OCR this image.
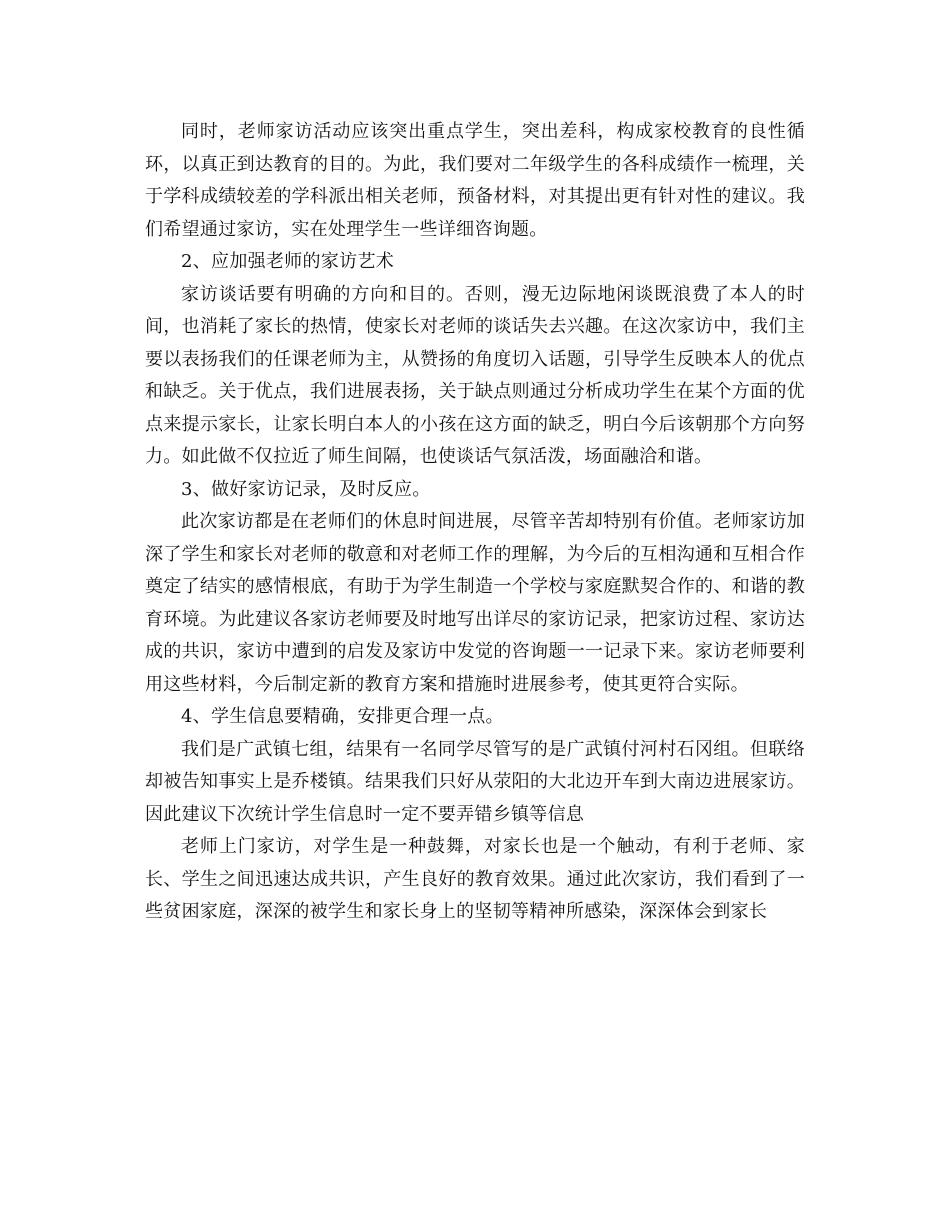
同时，老师家访活动应该突出重点学生，突出差科，构成家校教育的良性循环，以真正到达教育的目的。为此，我们要对二年级学生的各科成绩作一梳理，关于学科成绩较差的学科派出相关老师，预备材料，对其提出更有针对性的建议。我们希望通过家访，实在处理学生一些详细咨询题。

2、应加强老师的家访艺术

家访谈话要有明确的方向和目的。否则，漫无边际地闲谈既浪费了本人的时间，也消耗了家长的热情，使家长对老师的谈话失去兴趣。在这次家访中，我们主要以表扬我们的任课老师为主，从赞扬的角度切入话题，引导学生反映本人的优点和缺乏。关于优点，我们进展表扬，关于缺点则通过分析成功学生在某个方面的优点来提示家长，让家长明白本人的小孩在这方面的缺乏，明白今后该朝那个方向努力。如此做不仅拉近了师生间隔，也使谈话气氛活泼，场面融洽和谐。

3、做好家访记录，及时反应。

此次家访都是在老师们的休息时间进展，尽管辛苦却特别有价值。老师家访加深了学生和家长对老师的敬意和对老师工作的理解，为今后的互相沟通和互相合作奠定了结实的感情根底，有助于为学生制造一个学校与家庭默契合作的、和谐的教育环境。为此建议各家访老师要及时地写出详尽的家访记录，把家访过程、家访达成的共识，家访中遭到的启发及家访中发觉的咨询题一一记录下来。家访老师要利用这些材料，今后制定新的教育方案和措施时进展参考，使其更符合实际。

4、学生信息要精确，安排更合理一点。

我们是广武镇七组，结果有一名同学尽管写的是广武镇付河村石冈组。但联络却被告知事实上是乔楼镇。结果我们只好从荥阳的大北边开车到大南边进展家访。因此建议下次统计学生信息时一定不要弄错乡镇等信息

老师上门家访，对学生是一种鼓舞，对家长也是一个触动，有利于老师、家长、学生之间迅速达成共识，产生良好的教育效果。通过此次家访，我们看到了一些贫困家庭，深深的被学生和家长身上的坚韧等精神所感染，深深体会到家长
